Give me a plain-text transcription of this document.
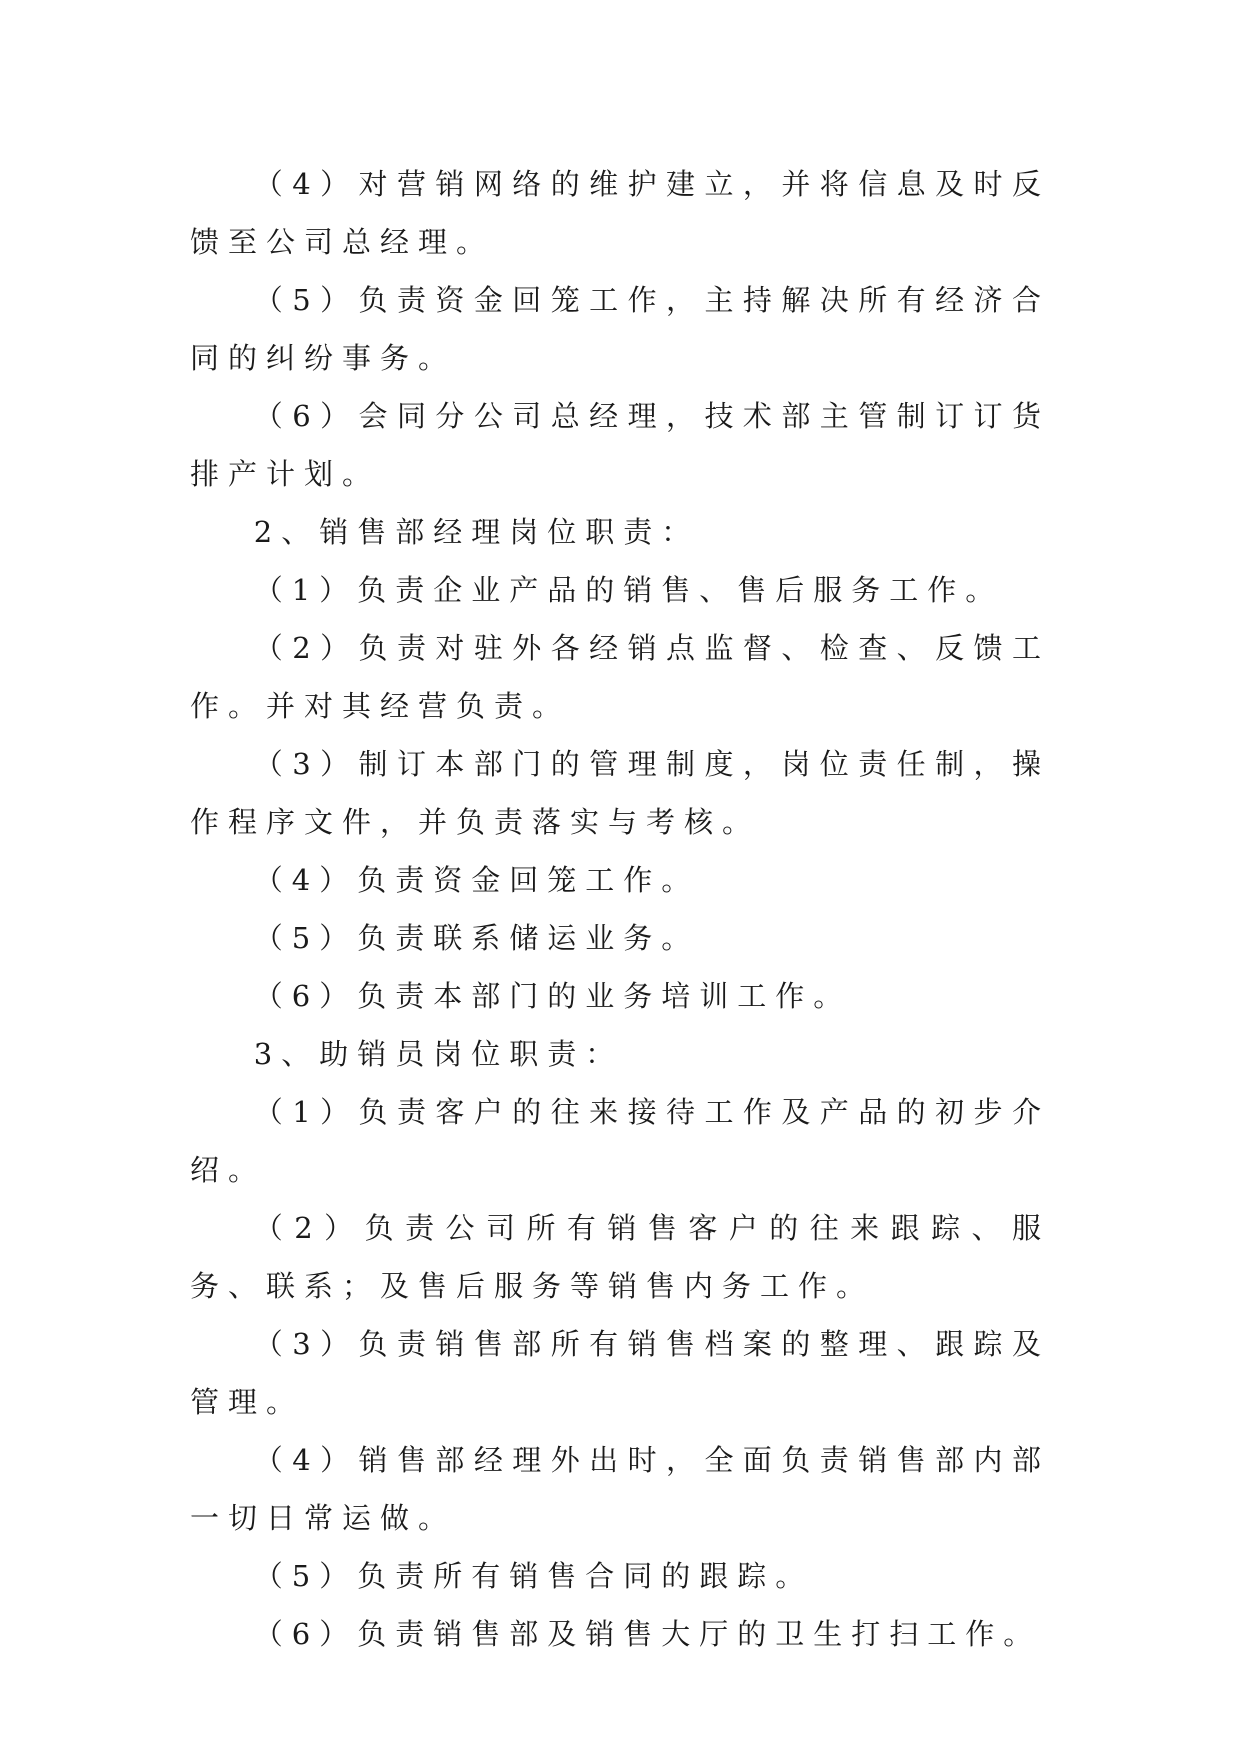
（4）对营销网络的维护建立，并将信息及时反馈至公司总经理。

（5）负责资金回笼工作，主持解决所有经济合同的纠纷事务。

（6）会同分公司总经理，技术部主管制订订货排产计划。

2、销售部经理岗位职责：

（1）负责企业产品的销售、售后服务工作。

（2）负责对驻外各经销点监督、检查、反馈工作。并对其经营负责。

（3）制订本部门的管理制度，岗位责任制，操作程序文件，并负责落实与考核。

（4）负责资金回笼工作。

（5）负责联系储运业务。

（6）负责本部门的业务培训工作。

3、助销员岗位职责：

（1）负责客户的往来接待工作及产品的初步介绍。

（2）负责公司所有销售客户的往来跟踪、服务、联系；及售后服务等销售内务工作。

（3）负责销售部所有销售档案的整理、跟踪及管理。

（4）销售部经理外出时，全面负责销售部内部一切日常运做。

（5）负责所有销售合同的跟踪。

（6）负责销售部及销售大厅的卫生打扫工作。
